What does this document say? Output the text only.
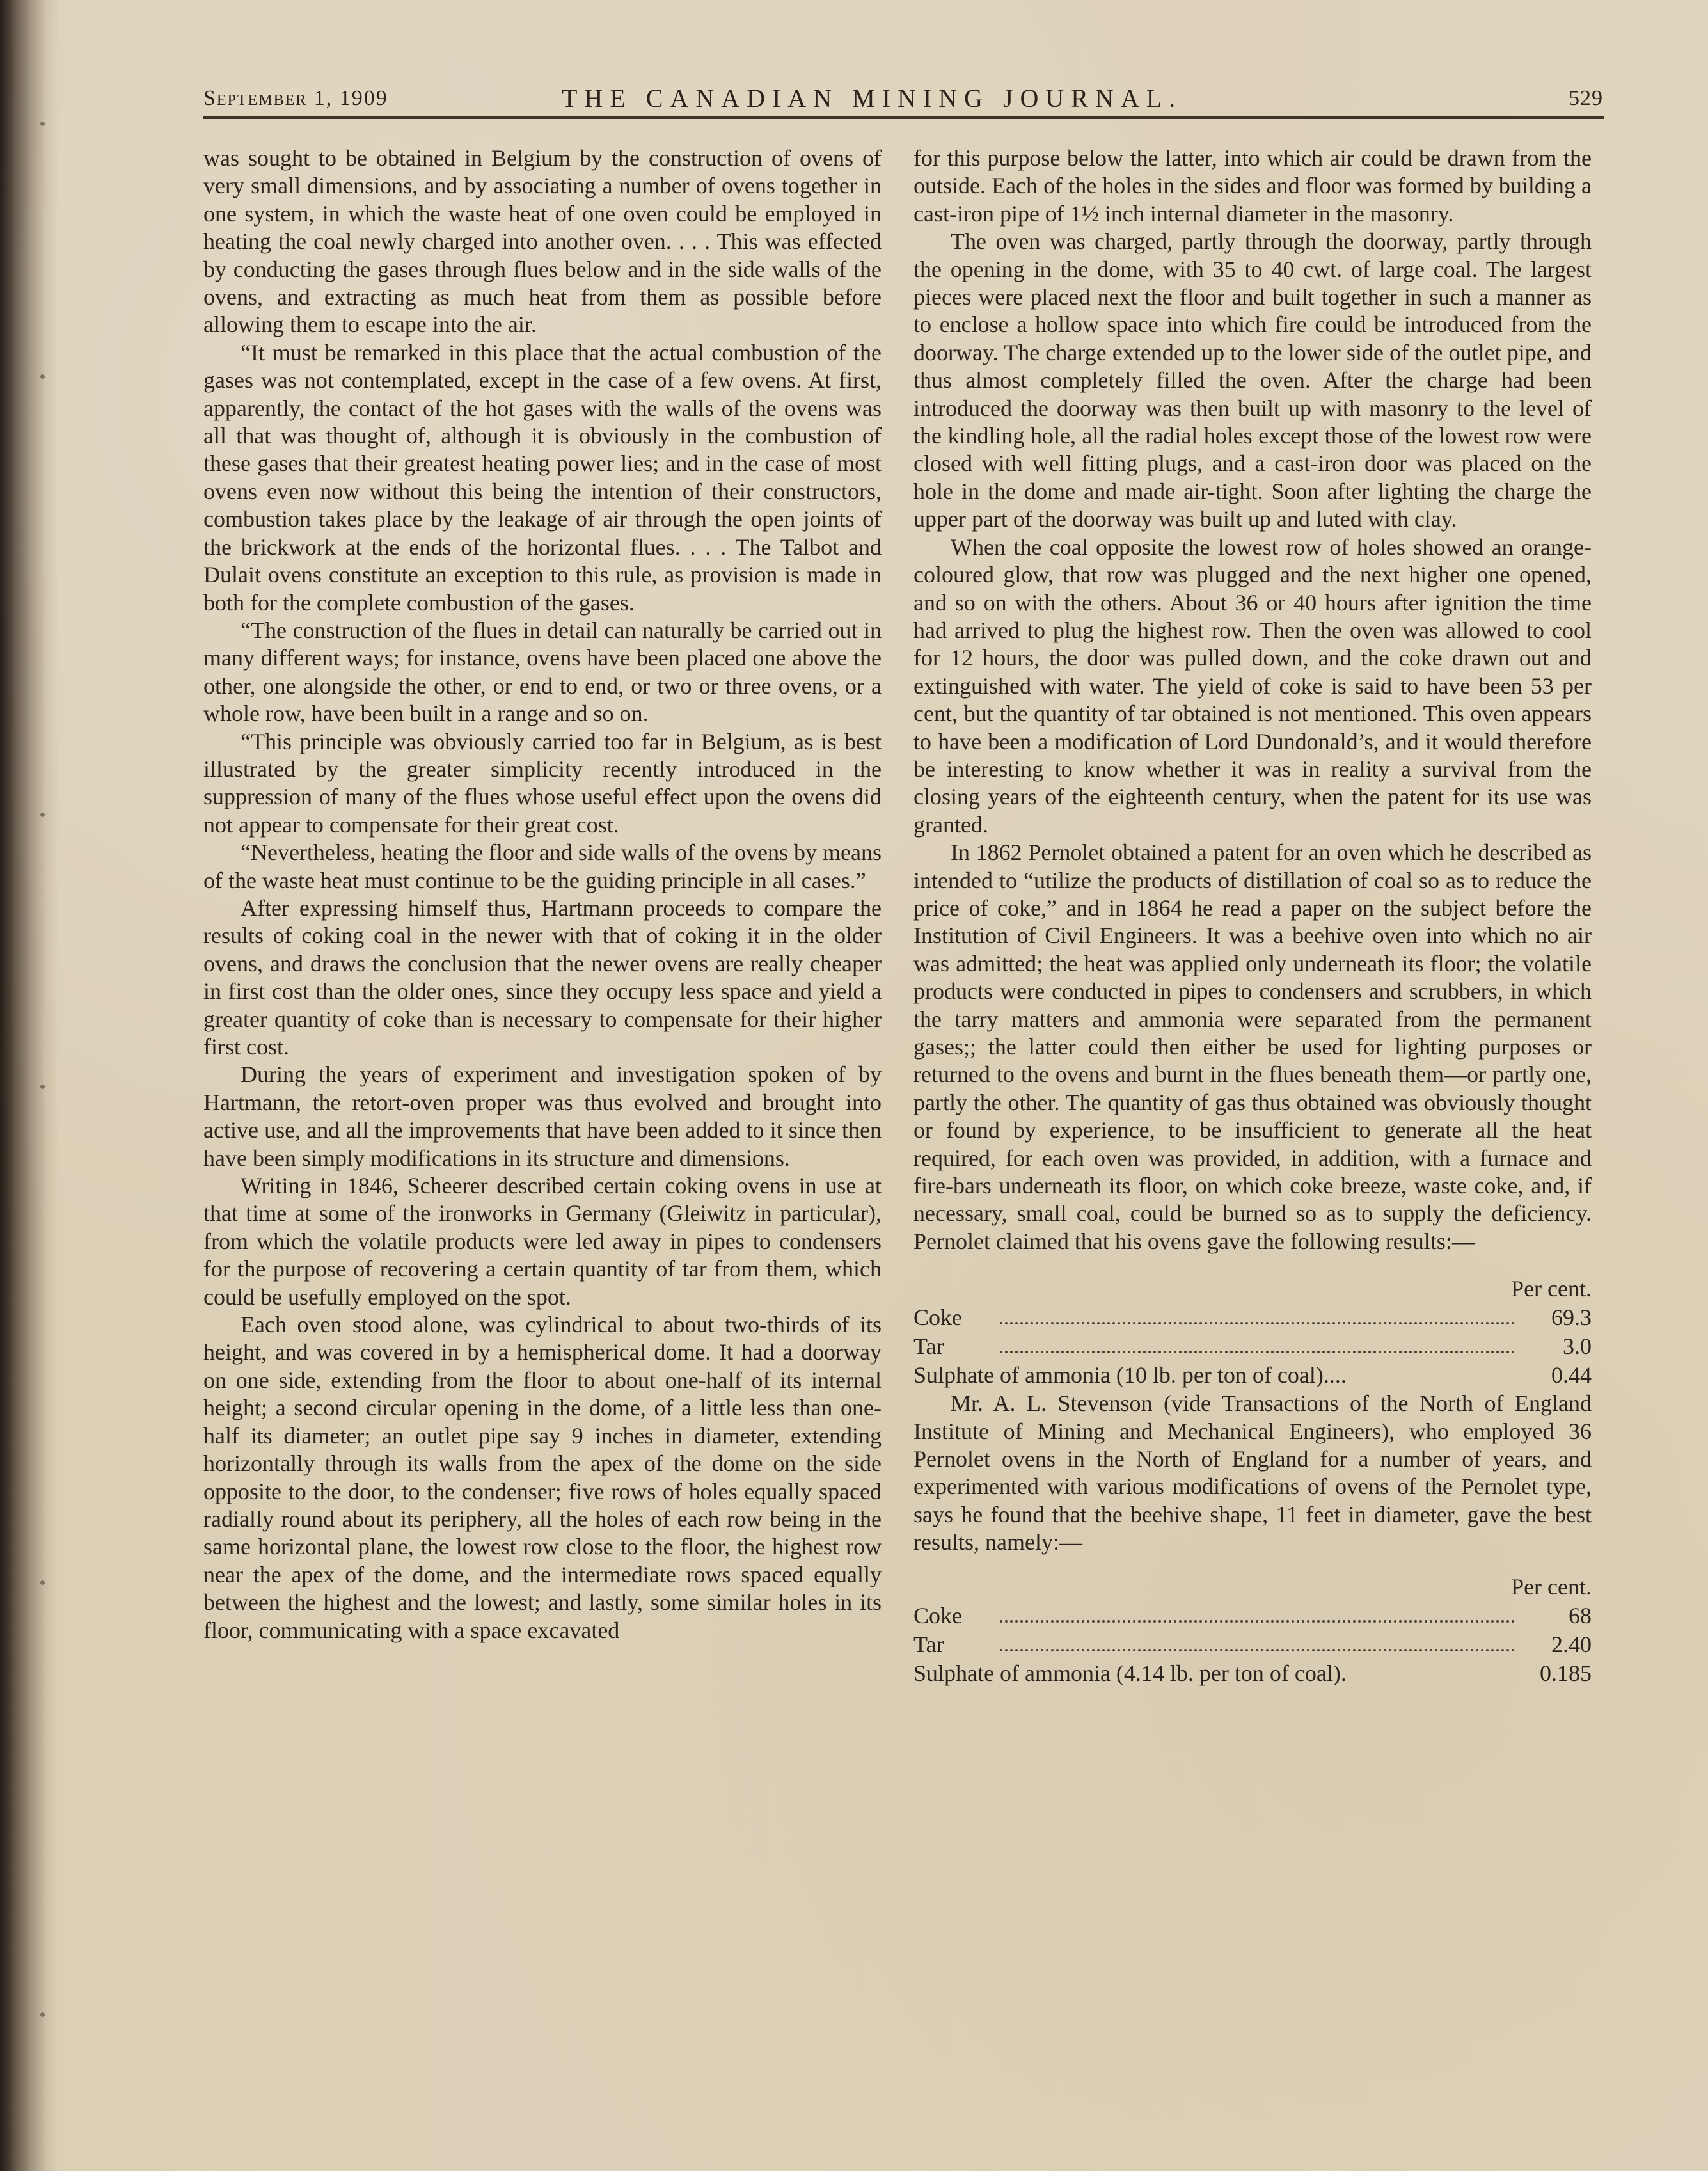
September 1, 1909	THE CANADIAN MINING JOURNAL.	529

was sought to be obtained in Belgium by the construction of ovens of very small dimensions, and by associating a number of ovens together in one system, in which the waste heat of one oven could be employed in heating the coal newly charged into another oven. . . . This was effected by conducting the gases through flues below and in the side walls of the ovens, and extracting as much heat from them as possible before allowing them to escape into the air.

“It must be remarked in this place that the actual combustion of the gases was not contemplated, except in the case of a few ovens. At first, apparently, the contact of the hot gases with the walls of the ovens was all that was thought of, although it is obviously in the combustion of these gases that their greatest heating power lies; and in the case of most ovens even now without this being the intention of their constructors, combustion takes place by the leakage of air through the open joints of the brickwork at the ends of the horizontal flues. . . . The Talbot and Dulait ovens constitute an exception to this rule, as provision is made in both for the complete combustion of the gases.

“The construction of the flues in detail can naturally be carried out in many different ways; for instance, ovens have been placed one above the other, one alongside the other, or end to end, or two or three ovens, or a whole row, have been built in a range and so on.

“This principle was obviously carried too far in Belgium, as is best illustrated by the greater simplicity recently introduced in the suppression of many of the flues whose useful effect upon the ovens did not appear to compensate for their great cost.

“Nevertheless, heating the floor and side walls of the ovens by means of the waste heat must continue to be the guiding principle in all cases.”

After expressing himself thus, Hartmann proceeds to compare the results of coking coal in the newer with that of coking it in the older ovens, and draws the conclusion that the newer ovens are really cheaper in first cost than the older ones, since they occupy less space and yield a greater quantity of coke than is necessary to compensate for their higher first cost.

During the years of experiment and investigation spoken of by Hartmann, the retort-oven proper was thus evolved and brought into active use, and all the improvements that have been added to it since then have been simply modifications in its structure and dimensions.

Writing in 1846, Scheerer described certain coking ovens in use at that time at some of the ironworks in Germany (Gleiwitz in particular), from which the volatile products were led away in pipes to condensers for the purpose of recovering a certain quantity of tar from them, which could be usefully employed on the spot.

Each oven stood alone, was cylindrical to about two-thirds of its height, and was covered in by a hemispherical dome. It had a doorway on one side, extending from the floor to about one-half of its internal height; a second circular opening in the dome, of a little less than one-half its diameter; an outlet pipe say 9 inches in diameter, extending horizontally through its walls from the apex of the dome on the side opposite to the door, to the condenser; five rows of holes equally spaced radially round about its periphery, all the holes of each row being in the same horizontal plane, the lowest row close to the floor, the highest row near the apex of the dome, and the intermediate rows spaced equally between the highest and the lowest; and lastly, some similar holes in its floor, communicating with a space excavated

for this purpose below the latter, into which air could be drawn from the outside. Each of the holes in the sides and floor was formed by building a cast-iron pipe of 1½ inch internal diameter in the masonry.

The oven was charged, partly through the doorway, partly through the opening in the dome, with 35 to 40 cwt. of large coal. The largest pieces were placed next the floor and built together in such a manner as to enclose a hollow space into which fire could be introduced from the doorway. The charge extended up to the lower side of the outlet pipe, and thus almost completely filled the oven. After the charge had been introduced the doorway was then built up with masonry to the level of the kindling hole, all the radial holes except those of the lowest row were closed with well fitting plugs, and a cast-iron door was placed on the hole in the dome and made air-tight. Soon after lighting the charge the upper part of the doorway was built up and luted with clay.

When the coal opposite the lowest row of holes showed an orange-coloured glow, that row was plugged and the next higher one opened, and so on with the others. About 36 or 40 hours after ignition the time had arrived to plug the highest row. Then the oven was allowed to cool for 12 hours, the door was pulled down, and the coke drawn out and extinguished with water. The yield of coke is said to have been 53 per cent, but the quantity of tar obtained is not mentioned. This oven appears to have been a modification of Lord Dundonald’s, and it would therefore be interesting to know whether it was in reality a survival from the closing years of the eighteenth century, when the patent for its use was granted.

In 1862 Pernolet obtained a patent for an oven which he described as intended to “utilize the products of distillation of coal so as to reduce the price of coke,” and in 1864 he read a paper on the subject before the Institution of Civil Engineers. It was a beehive oven into which no air was admitted; the heat was applied only underneath its floor; the volatile products were conducted in pipes to condensers and scrubbers, in which the tarry matters and ammonia were separated from the permanent gases;; the latter could then either be used for lighting purposes or returned to the ovens and burnt in the flues beneath them—or partly one, partly the other. The quantity of gas thus obtained was obviously thought or found by experience, to be insufficient to generate all the heat required, for each oven was provided, in addition, with a furnace and fire-bars underneath its floor, on which coke breeze, waste coke, and, if necessary, small coal, could be burned so as to supply the deficiency. Pernolet claimed that his ovens gave the following results:—

Per cent.
Coke	69.3
Tar	3.0
Sulphate of ammonia (10 lb. per ton of coal)....	0.44

Mr. A. L. Stevenson (vide Transactions of the North of England Institute of Mining and Mechanical Engineers), who employed 36 Pernolet ovens in the North of England for a number of years, and experimented with various modifications of ovens of the Pernolet type, says he found that the beehive shape, 11 feet in diameter, gave the best results, namely:—

Per cent.
Coke	68
Tar	2.40
Sulphate of ammonia (4.14 lb. per ton of coal).	0.185
